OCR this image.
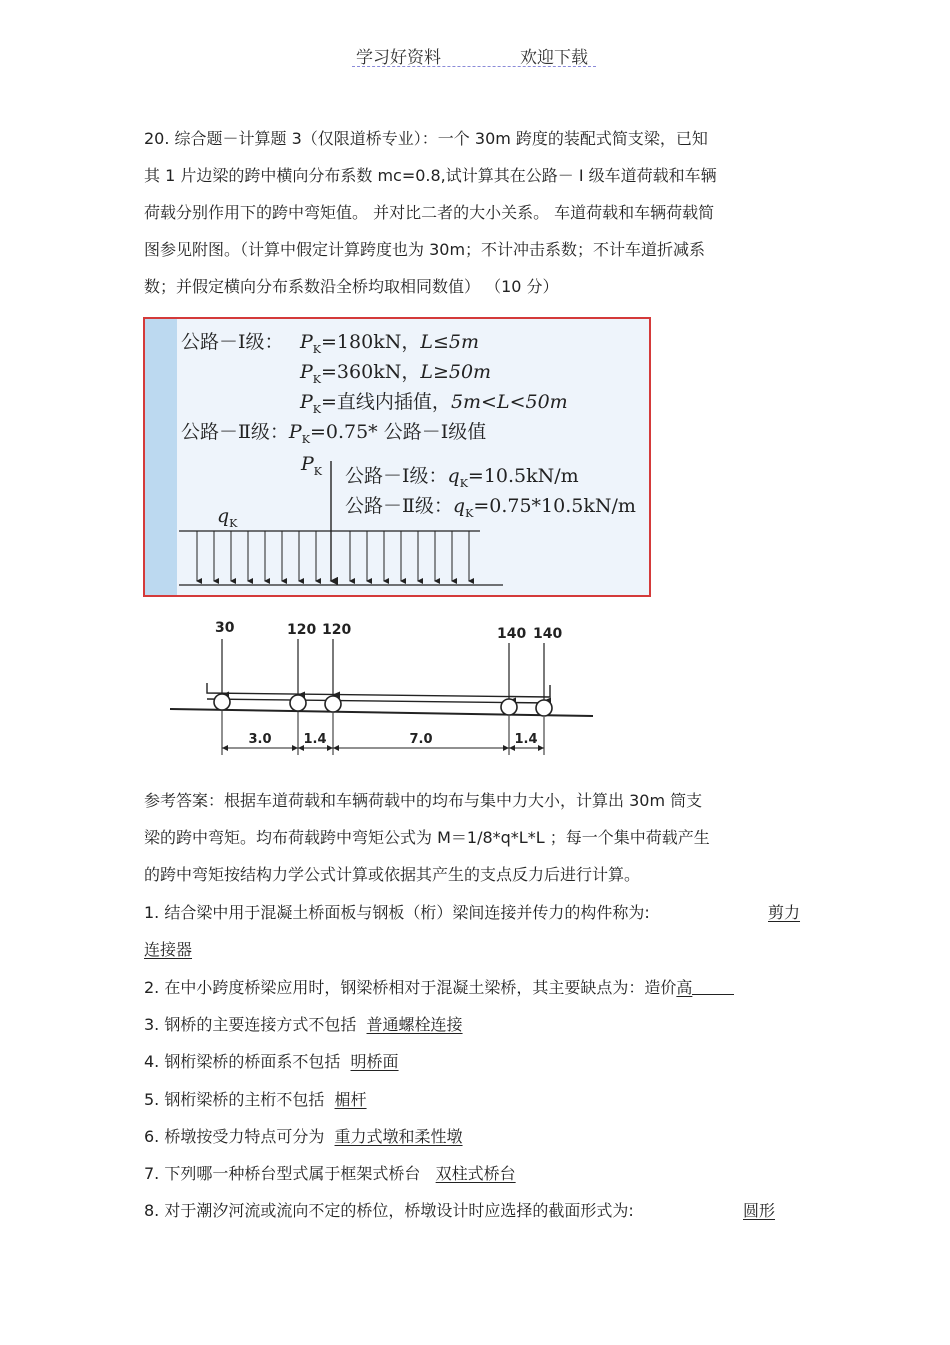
学习好资料	欢迎下载
20. 综合题－计算题 3（仅限道桥专业）：一个 30m 跨度的装配式简支梁，已知
其 1 片边梁的跨中横向分布系数 mc=0.8,试计算其在公路－ Ⅰ 级车道荷载和车辆
荷载分别作用下的跨中弯矩值。 并对比二者的大小关系。 车道荷载和车辆荷载简
图参见附图。（计算中假定计算跨度也为 30m；不计冲击系数；不计车道折减系
数；并假定横向分布系数沿全桥均取相同数值） （10 分）
公路－Ⅰ级： $P_K=180kN$，L≤5m
$P_K=360kN$，L≥50m
$P_K=$直线内插值，5m<L<50m
公路－Ⅱ级：$P_K=0.75*$ 公路－Ⅰ级值
$P_K$ 公路－Ⅰ级：$q_K=10.5kN/m$
公路－Ⅱ级：$q_K=0.75*10.5kN/m$
$q_K$
30	120 120	140 140
3.0 1.4	7.0	1.4
参考答案：根据车道荷载和车辆荷载中的均布与集中力大小，计算出 30m 筒支
梁的跨中弯矩。均布荷载跨中弯矩公式为 M＝1/8*q*L*L ；每一个集中荷载产生
的跨中弯矩按结构力学公式计算或依据其产生的支点反力后进行计算。
1. 结合梁中用于混凝土桥面板与钢板（桁）梁间连接并传力的构件称为:	剪力
连接器
2. 在中小跨度桥梁应用时，钢梁桥相对于混凝土梁桥，其主要缺点为：造价高
3. 钢桥的主要连接方式不包括 普通螺栓连接
4. 钢桁梁桥的桥面系不包括 明桥面
5. 钢桁梁桥的主桁不包括 楣杆
6. 桥墩按受力特点可分为 重力式墩和柔性墩
7. 下列哪一种桥台型式属于框架式桥台 双柱式桥台
8. 对于潮汐河流或流向不定的桥位，桥墩设计时应选择的截面形式为:	圆形
